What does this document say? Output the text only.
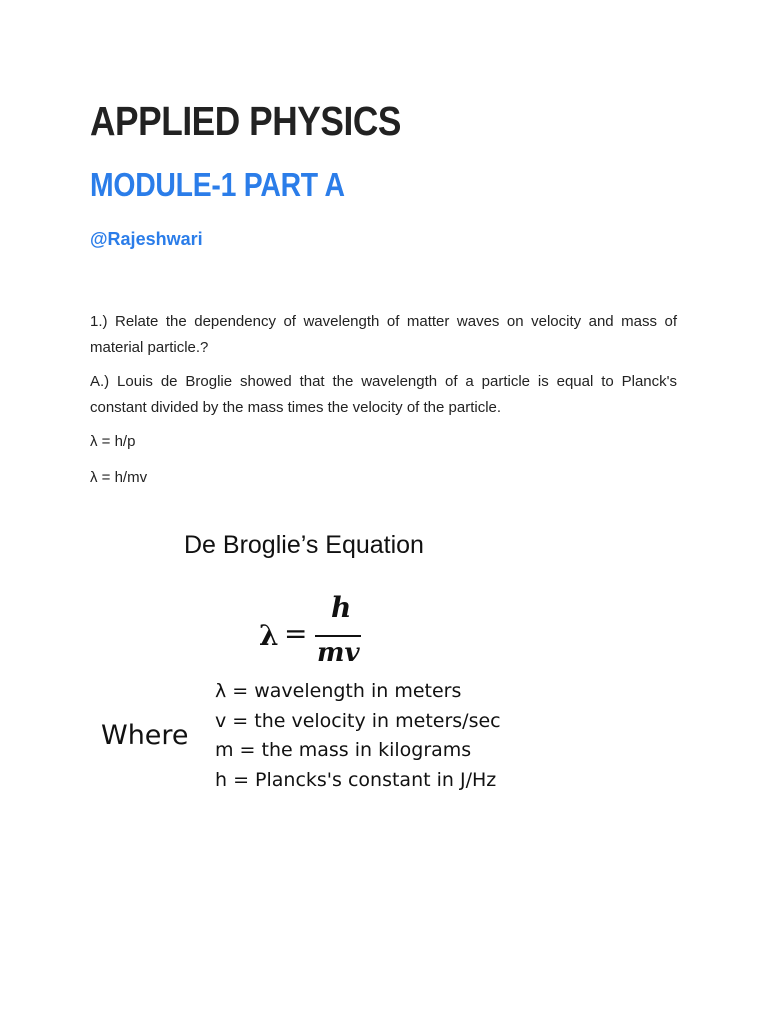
APPLIED PHYSICS
MODULE-1 PART A
@Rajeshwari

1.) Relate the dependency of wavelength of matter waves on velocity and mass of material particle.?

A.) Louis de Broglie showed that the wavelength of a particle is equal to Planck's constant divided by the mass times the velocity of the particle.

λ = h/p

λ = h/mv

De Broglie’s Equation
λ =
h
mv
Where
λ = wavelength in meters
v = the velocity in meters/sec
m = the mass in kilograms
h = Plancks's constant in J/Hz
